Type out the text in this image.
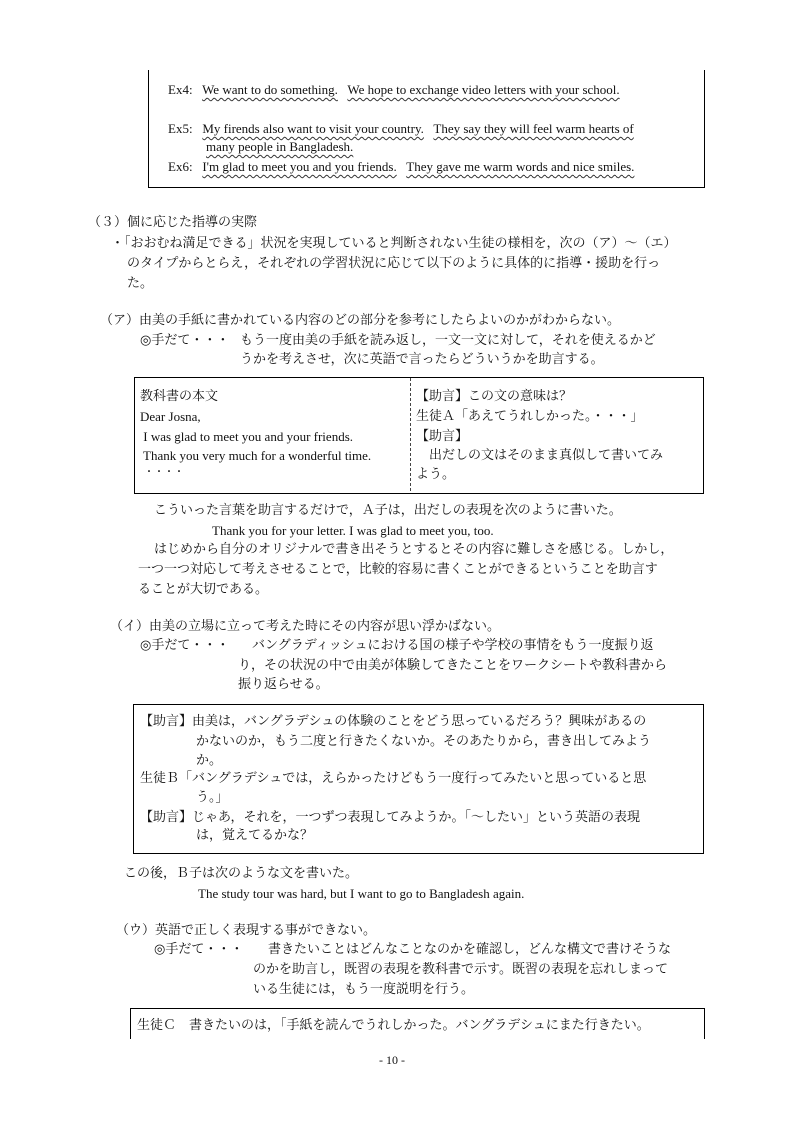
Ex4: We want to do something. We hope to exchange video letters with your school.
Ex5: My firends also want to visit your country. They say they will feel warm hearts of
many people in Bangladesh.
Ex6: I'm glad to meet you and you friends. They gave me warm words and nice smiles.
（３）個に応じた指導の実際
・「おおむね満足できる」状況を実現していると判断されない生徒の様相を，次の（ア）～（エ）
のタイプからとらえ，それぞれの学習状況に応じて以下のように具体的に指導・援助を行っ
た。
（ア）由美の手紙に書かれている内容のどの部分を参考にしたらよいのかがわからない。
◎手だて・・・ もう一度由美の手紙を読み返し，一文一文に対して，それを使えるかど
うかを考えさせ，次に英語で言ったらどういうかを助言する。
教科書の本文
Dear Josna,
I was glad to meet you and your friends.
Thank you very much for a wonderful time.
・・・・
【助言】この文の意味は？
生徒Ａ「あえてうれしかった。・・・」
【助言】
　出だしの文はそのまま真似して書いてみ
よう。
こういった言葉を助言するだけで，Ａ子は，出だしの表現を次のように書いた。
Thank you for your letter. I was glad to meet you, too.
はじめから自分のオリジナルで書き出そうとするとその内容に難しさを感じる。しかし，
一つ一つ対応して考えさせることで，比較的容易に書くことができるということを助言す
ることが大切である。
（イ）由美の立場に立って考えた時にその内容が思い浮かばない。
◎手だて・・・ バングラディッシュにおける国の様子や学校の事情をもう一度振り返
り，その状況の中で由美が体験してきたことをワークシートや教科書から
振り返らせる。
【助言】由美は，バングラデシュの体験のことをどう思っているだろう？興味があるの
かないのか，もう二度と行きたくないか。そのあたりから，書き出してみよう
か。
生徒Ｂ「バングラデシュでは，えらかったけどもう一度行ってみたいと思っていると思
う。」
【助言】じゃあ，それを，一つずつ表現してみようか。「～したい」という英語の表現
は，覚えてるかな？
この後，Ｂ子は次のような文を書いた。
The study tour was hard, but I want to go to Bangladesh again.
（ウ）英語で正しく表現する事ができない。
◎手だて・・・ 書きたいことはどんなことなのかを確認し，どんな構文で書けそうな
のかを助言し，既習の表現を教科書で示す。既習の表現を忘れしまって
いる生徒には，もう一度説明を行う。
生徒Ｃ　書きたいのは，「手紙を読んでうれしかった。バングラデシュにまた行きたい。
- 10 -
